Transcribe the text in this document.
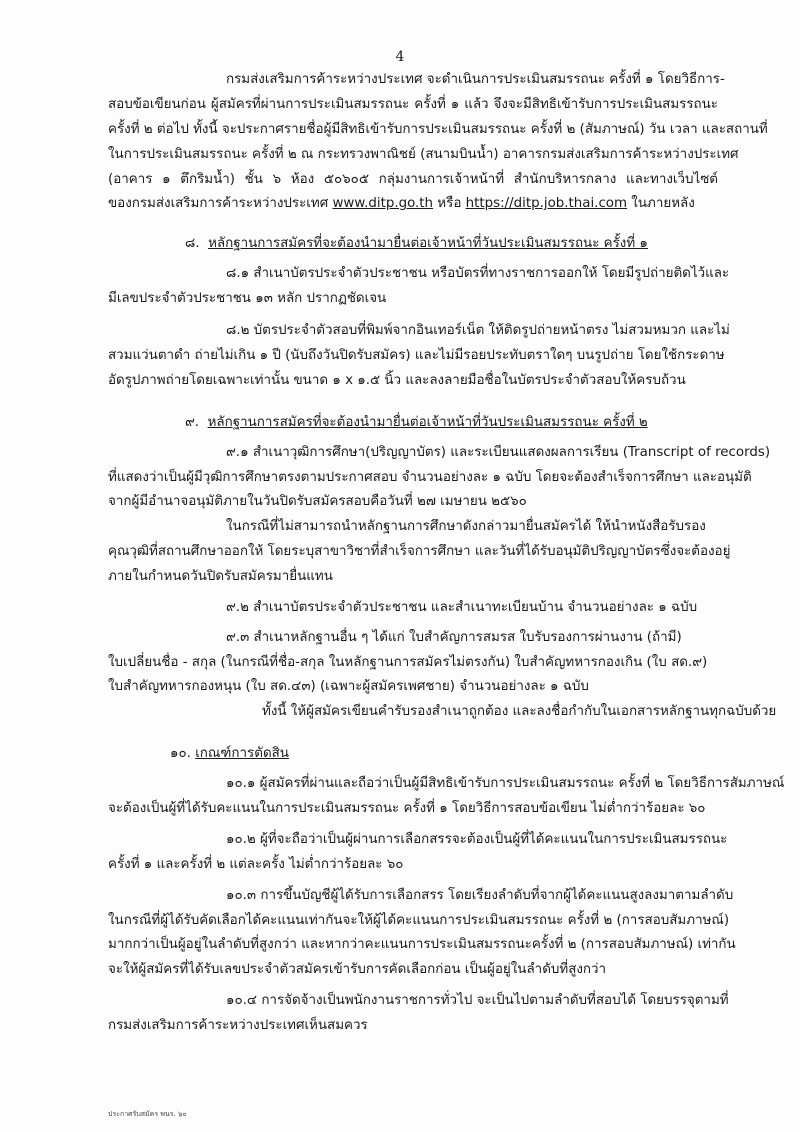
4
กรมส่งเสริมการค้าระหว่างประเทศ จะดำเนินการประเมินสมรรถนะ ครั้งที่ ๑ โดยวิธีการ-
สอบข้อเขียนก่อน ผู้สมัครที่ผ่านการประเมินสมรรถนะ ครั้งที่ ๑ แล้ว จึงจะมีสิทธิเข้ารับการประเมินสมรรถนะ
ครั้งที่ ๒ ต่อไป ทั้งนี้ จะประกาศรายชื่อผู้มีสิทธิเข้ารับการประเมินสมรรถนะ ครั้งที่ ๒ (สัมภาษณ์) วัน เวลา และสถานที่
ในการประเมินสมรรถนะ ครั้งที่ ๒ ณ กระทรวงพาณิชย์ (สนามบินน้ำ) อาคารกรมส่งเสริมการค้าระหว่างประเทศ
(อาคาร ๑ ตึกริมน้ำ) ชั้น ๖ ห้อง ๕๐๖๐๕ กลุ่มงานการเจ้าหน้าที่ สำนักบริหารกลาง และทางเว็บไซต์
ของกรมส่งเสริมการค้าระหว่างประเทศ www.ditp.go.th หรือ https://ditp.job.thai.com ในภายหลัง
๘. หลักฐานการสมัครที่จะต้องนำมายื่นต่อเจ้าหน้าที่วันประเมินสมรรถนะ ครั้งที่ ๑
๘.๑ สำเนาบัตรประจำตัวประชาชน หรือบัตรที่ทางราชการออกให้ โดยมีรูปถ่ายติดไว้และ
มีเลขประจำตัวประชาชน ๑๓ หลัก ปรากฏชัดเจน
๘.๒ บัตรประจำตัวสอบที่พิมพ์จากอินเทอร์เน็ต ให้ติดรูปถ่ายหน้าตรง ไม่สวมหมวก และไม่
สวมแว่นตาดำ ถ่ายไม่เกิน ๑ ปี (นับถึงวันปิดรับสมัคร) และไม่มีรอยประทับตราใดๆ บนรูปถ่าย โดยใช้กระดาษ
อัดรูปภาพถ่ายโดยเฉพาะเท่านั้น ขนาด ๑ x ๑.๕ นิ้ว และลงลายมือชื่อในบัตรประจำตัวสอบให้ครบถ้วน
๙. หลักฐานการสมัครที่จะต้องนำมายื่นต่อเจ้าหน้าที่วันประเมินสมรรถนะ ครั้งที่ ๒
๙.๑ สำเนาวุฒิการศึกษา(ปริญญาบัตร) และระเบียนแสดงผลการเรียน (Transcript of records)
ที่แสดงว่าเป็นผู้มีวุฒิการศึกษาตรงตามประกาศสอบ จำนวนอย่างละ ๑ ฉบับ โดยจะต้องสำเร็จการศึกษา และอนุมัติ
จากผู้มีอำนาจอนุมัติภายในวันปิดรับสมัครสอบคือวันที่ ๒๗ เมษายน ๒๕๖๐
ในกรณีที่ไม่สามารถนำหลักฐานการศึกษาดังกล่าวมายื่นสมัครได้ ให้นำหนังสือรับรอง
คุณวุฒิที่สถานศึกษาออกให้ โดยระบุสาขาวิชาที่สำเร็จการศึกษา และวันที่ได้รับอนุมัติปริญญาบัตรซึ่งจะต้องอยู่
ภายในกำหนดวันปิดรับสมัครมายื่นแทน
๙.๒ สำเนาบัตรประจำตัวประชาชน และสำเนาทะเบียนบ้าน จำนวนอย่างละ ๑ ฉบับ
๙.๓ สำเนาหลักฐานอื่น ๆ ได้แก่ ใบสำคัญการสมรส ใบรับรองการผ่านงาน (ถ้ามี)
ใบเปลี่ยนชื่อ - สกุล (ในกรณีที่ชื่อ-สกุล ในหลักฐานการสมัครไม่ตรงกัน) ใบสำคัญทหารกองเกิน (ใบ สด.๙)
ใบสำคัญทหารกองหนุน (ใบ สด.๔๓) (เฉพาะผู้สมัครเพศชาย) จำนวนอย่างละ ๑ ฉบับ
ทั้งนี้ ให้ผู้สมัครเขียนคำรับรองสำเนาถูกต้อง และลงชื่อกำกับในเอกสารหลักฐานทุกฉบับด้วย
๑๐. เกณฑ์การตัดสิน
๑๐.๑ ผู้สมัครที่ผ่านและถือว่าเป็นผู้มีสิทธิเข้ารับการประเมินสมรรถนะ ครั้งที่ ๒ โดยวิธีการสัมภาษณ์
จะต้องเป็นผู้ที่ได้รับคะแนนในการประเมินสมรรถนะ ครั้งที่ ๑ โดยวิธีการสอบข้อเขียน ไม่ต่ำกว่าร้อยละ ๖๐
๑๐.๒ ผู้ที่จะถือว่าเป็นผู้ผ่านการเลือกสรรจะต้องเป็นผู้ที่ได้คะแนนในการประเมินสมรรถนะ
ครั้งที่ ๑ และครั้งที่ ๒ แต่ละครั้ง ไม่ต่ำกว่าร้อยละ ๖๐
๑๐.๓ การขึ้นบัญชีผู้ได้รับการเลือกสรร โดยเรียงลำดับที่จากผู้ได้คะแนนสูงลงมาตามลำดับ
ในกรณีที่ผู้ได้รับคัดเลือกได้คะแนนเท่ากันจะให้ผู้ได้คะแนนการประเมินสมรรถนะ ครั้งที่ ๒ (การสอบสัมภาษณ์)
มากกว่าเป็นผู้อยู่ในลำดับที่สูงกว่า และหากว่าคะแนนการประเมินสมรรถนะครั้งที่ ๒ (การสอบสัมภาษณ์) เท่ากัน
จะให้ผู้สมัครที่ได้รับเลขประจำตัวสมัครเข้ารับการคัดเลือกก่อน เป็นผู้อยู่ในลำดับที่สูงกว่า
๑๐.๔ การจัดจ้างเป็นพนักงานราชการทั่วไป จะเป็นไปตามลำดับที่สอบได้ โดยบรรจุตามที่
กรมส่งเสริมการค้าระหว่างประเทศเห็นสมควร
ประกาศรับสมัคร พนร. ๖๐
